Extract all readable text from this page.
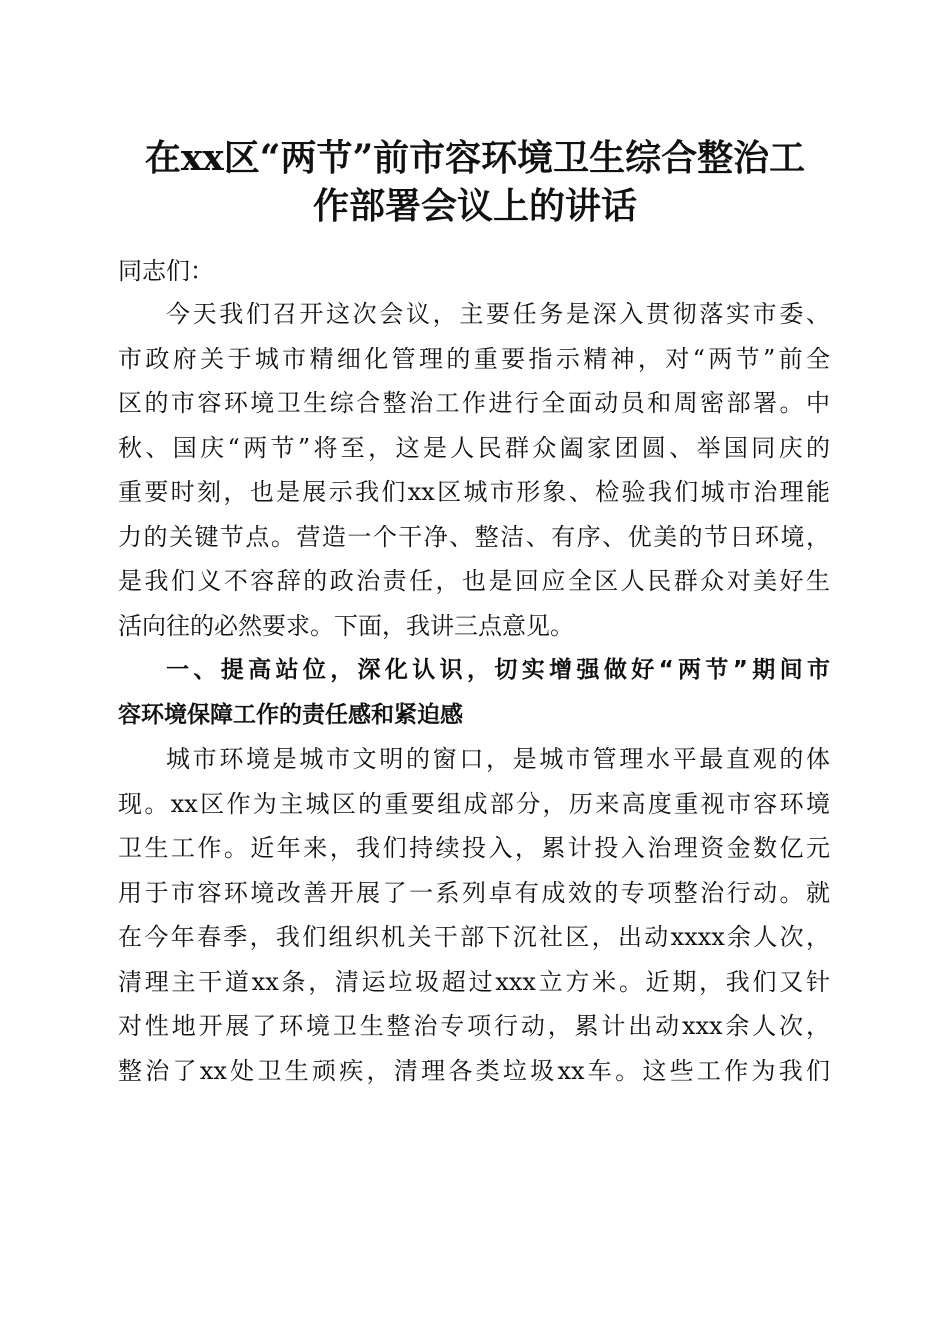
在xx区“两节”前市容环境卫生综合整治工
作部署会议上的讲话

同志们：

今天我们召开这次会议，主要任务是深入贯彻落实市委、
市政府关于城市精细化管理的重要指示精神，对“两节”前全
区的市容环境卫生综合整治工作进行全面动员和周密部署。中
秋、国庆“两节”将至，这是人民群众阖家团圆、举国同庆的
重要时刻，也是展示我们xx区城市形象、检验我们城市治理能
力的关键节点。营造一个干净、整洁、有序、优美的节日环境，
是我们义不容辞的政治责任，也是回应全区人民群众对美好生
活向往的必然要求。下面，我讲三点意见。
一、提高站位，深化认识，切实增强做好“两节”期间市
容环境保障工作的责任感和紧迫感
城市环境是城市文明的窗口，是城市管理水平最直观的体
现。xx区作为主城区的重要组成部分，历来高度重视市容环境
卫生工作。近年来，我们持续投入，累计投入治理资金数亿元
用于市容环境改善开展了一系列卓有成效的专项整治行动。就
在今年春季，我们组织机关干部下沉社区，出动xxxx余人次，
清理主干道xx条，清运垃圾超过xxx立方米。近期，我们又针
对性地开展了环境卫生整治专项行动，累计出动xxx余人次，
整治了xx处卫生顽疾，清理各类垃圾xx车。这些工作为我们
